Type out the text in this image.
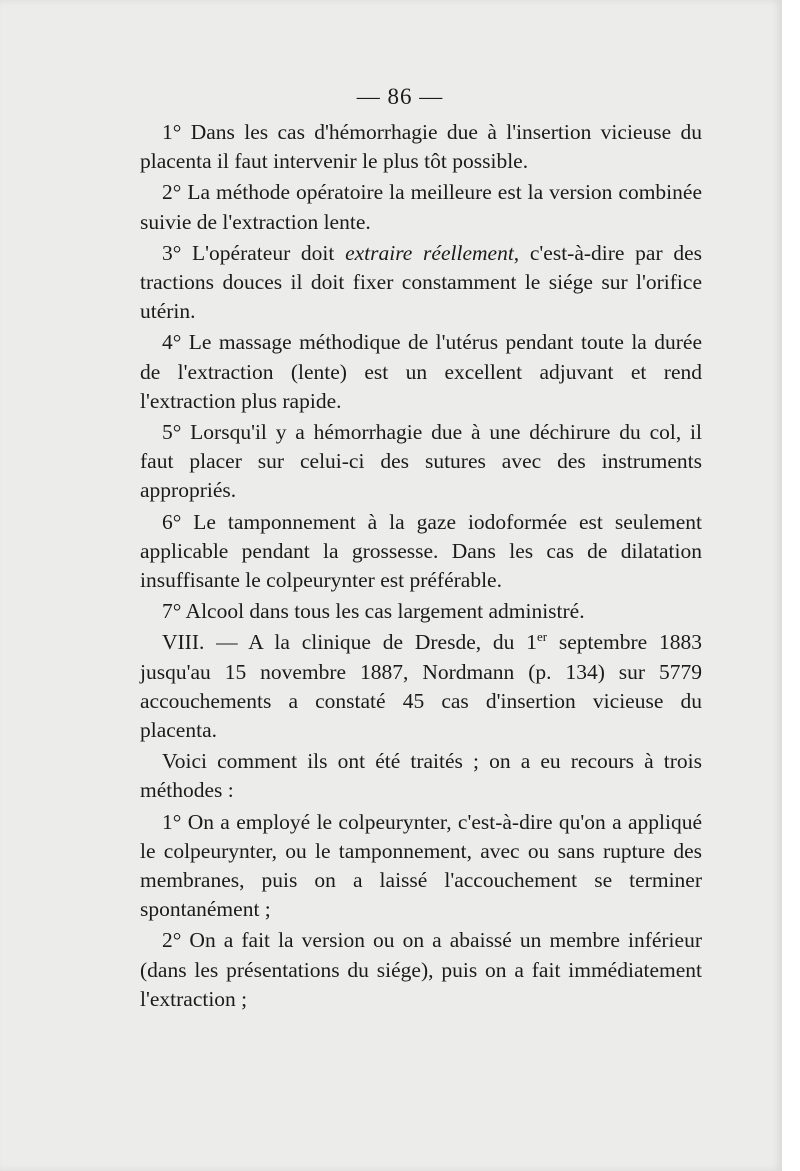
— 86 —

1° Dans les cas d'hémorrhagie due à l'insertion vicieuse du placenta il faut intervenir le plus tôt possible.

2° La méthode opératoire la meilleure est la version combinée suivie de l'extraction lente.

3° L'opérateur doit extraire réellement, c'est-à-dire par des tractions douces il doit fixer constamment le siége sur l'orifice utérin.

4° Le massage méthodique de l'utérus pendant toute la durée de l'extraction (lente) est un excellent adjuvant et rend l'extraction plus rapide.

5° Lorsqu'il y a hémorrhagie due à une déchirure du col, il faut placer sur celui-ci des sutures avec des instruments appropriés.

6° Le tamponnement à la gaze iodoformée est seulement applicable pendant la grossesse. Dans les cas de dilatation insuffisante le colpeurynter est préférable.

7° Alcool dans tous les cas largement administré.

VIII. — A la clinique de Dresde, du 1er septembre 1883 jusqu'au 15 novembre 1887, Nordmann (p. 134) sur 5779 accouchements a constaté 45 cas d'insertion vicieuse du placenta.

Voici comment ils ont été traités ; on a eu recours à trois méthodes :

1° On a employé le colpeurynter, c'est-à-dire qu'on a appliqué le colpeurynter, ou le tamponnement, avec ou sans rupture des membranes, puis on a laissé l'accouchement se terminer spontanément ;

2° On a fait la version ou on a abaissé un membre inférieur (dans les présentations du siége), puis on a fait immédiatement l'extraction ;
